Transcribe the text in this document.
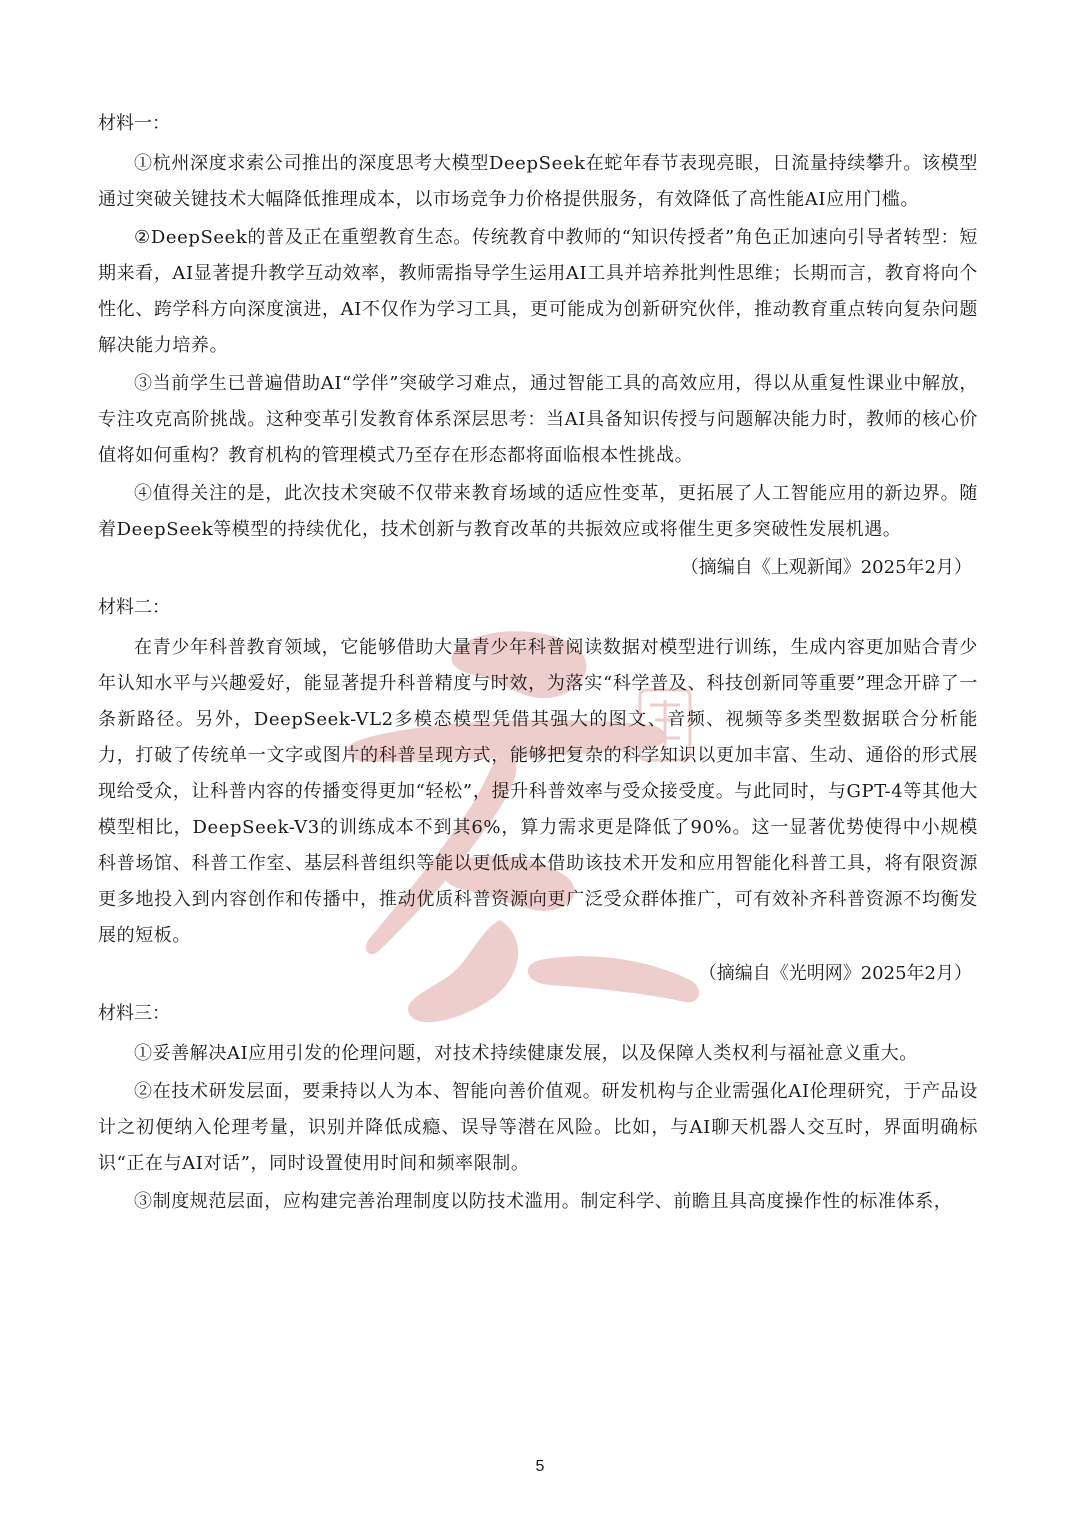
材料一：

①杭州深度求索公司推出的深度思考大模型DeepSeek在蛇年春节表现亮眼，日流量持续攀升。该模型通过突破关键技术大幅降低推理成本，以市场竞争力价格提供服务，有效降低了高性能AI应用门槛。

②DeepSeek的普及正在重塑教育生态。传统教育中教师的“知识传授者”角色正加速向引导者转型：短期来看，AI显著提升教学互动效率，教师需指导学生运用AI工具并培养批判性思维；长期而言，教育将向个性化、跨学科方向深度演进，AI不仅作为学习工具，更可能成为创新研究伙伴，推动教育重点转向复杂问题解决能力培养。

③当前学生已普遍借助AI“学伴”突破学习难点，通过智能工具的高效应用，得以从重复性课业中解放，专注攻克高阶挑战。这种变革引发教育体系深层思考：当AI具备知识传授与问题解决能力时，教师的核心价值将如何重构？教育机构的管理模式乃至存在形态都将面临根本性挑战。

④值得关注的是，此次技术突破不仅带来教育场域的适应性变革，更拓展了人工智能应用的新边界。随着DeepSeek等模型的持续优化，技术创新与教育改革的共振效应或将催生更多突破性发展机遇。

（摘编自《上观新闻》2025年2月）

材料二：

在青少年科普教育领域，它能够借助大量青少年科普阅读数据对模型进行训练，生成内容更加贴合青少年认知水平与兴趣爱好，能显著提升科普精度与时效，为落实“科学普及、科技创新同等重要”理念开辟了一条新路径。另外，DeepSeek-VL2多模态模型凭借其强大的图文、音频、视频等多类型数据联合分析能力，打破了传统单一文字或图片的科普呈现方式，能够把复杂的科学知识以更加丰富、生动、通俗的形式展现给受众，让科普内容的传播变得更加“轻松”，提升科普效率与受众接受度。与此同时，与GPT-4等其他大模型相比，DeepSeek-V3的训练成本不到其6%，算力需求更是降低了90%。这一显著优势使得中小规模科普场馆、科普工作室、基层科普组织等能以更低成本借助该技术开发和应用智能化科普工具，将有限资源更多地投入到内容创作和传播中，推动优质科普资源向更广泛受众群体推广，可有效补齐科普资源不均衡发展的短板。

（摘编自《光明网》2025年2月）

材料三：

①妥善解决AI应用引发的伦理问题，对技术持续健康发展，以及保障人类权利与福祉意义重大。

②在技术研发层面，要秉持以人为本、智能向善价值观。研发机构与企业需强化AI伦理研究，于产品设计之初便纳入伦理考量，识别并降低成瘾、误导等潜在风险。比如，与AI聊天机器人交互时，界面明确标识“正在与AI对话”，同时设置使用时间和频率限制。

③制度规范层面，应构建完善治理制度以防技术滥用。制定科学、前瞻且具高度操作性的标准体系，

5
